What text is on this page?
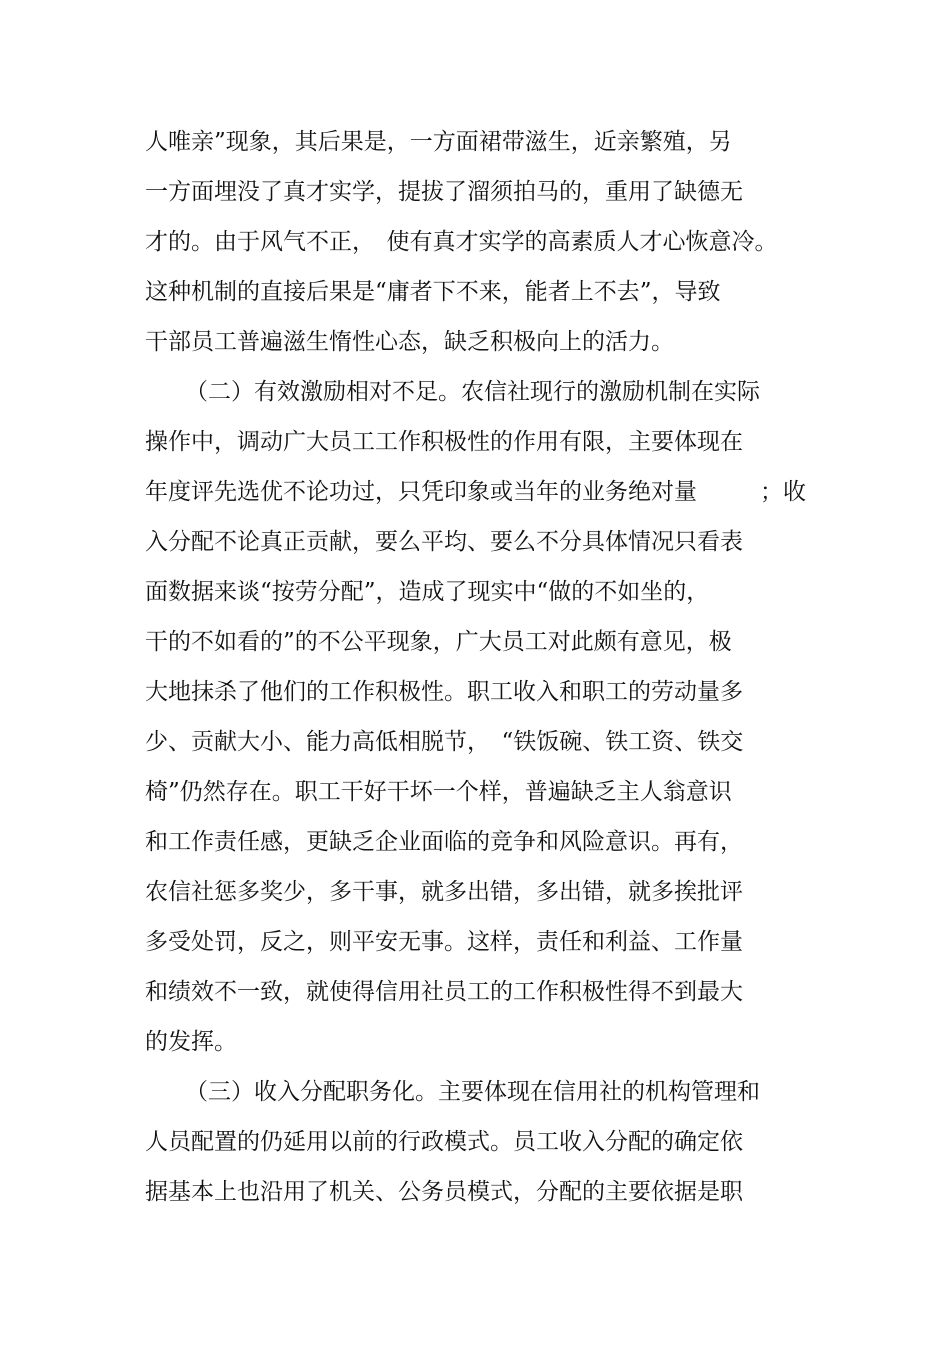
人唯亲”现象，其后果是，一方面裙带滋生，近亲繁殖，另
一方面埋没了真才实学，提拔了溜须拍马的，重用了缺德无
才的。由于风气不正，　使有真才实学的高素质人才心恢意冷。
这种机制的直接后果是“庸者下不来，能者上不去”，导致
干部员工普遍滋生惰性心态，缺乏积极向上的活力。
（二）有效激励相对不足。农信社现行的激励机制在实际
操作中，调动广大员工工作积极性的作用有限，主要体现在
年度评先选优不论功过，只凭印象或当年的业务绝对量	；收
入分配不论真正贡献，要么平均、要么不分具体情况只看表
面数据来谈“按劳分配”，造成了现实中“做的不如坐的，
干的不如看的”的不公平现象，广大员工对此颇有意见，极
大地抹杀了他们的工作积极性。职工收入和职工的劳动量多
少、贡献大小、能力高低相脱节，　“铁饭碗、铁工资、铁交
椅”仍然存在。职工干好干坏一个样，普遍缺乏主人翁意识
和工作责任感，更缺乏企业面临的竞争和风险意识。再有，
农信社惩多奖少，多干事，就多出错，多出错，就多挨批评
多受处罚，反之，则平安无事。这样，责任和利益、工作量
和绩效不一致，就使得信用社员工的工作积极性得不到最大
的发挥。
（三）收入分配职务化。主要体现在信用社的机构管理和
人员配置的仍延用以前的行政模式。员工收入分配的确定依
据基本上也沿用了机关、公务员模式，分配的主要依据是职
